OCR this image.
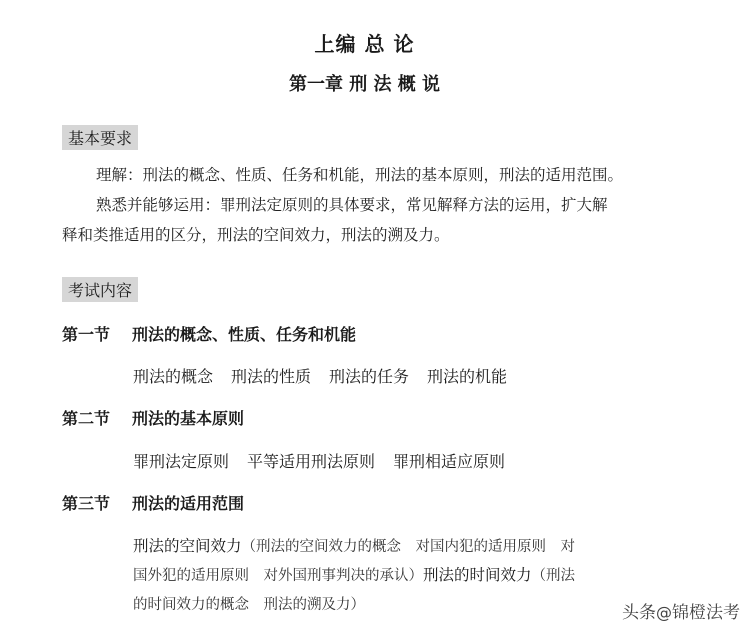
上编 总 论
第一章 刑 法 概 说
基本要求
理解：刑法的概念、性质、任务和机能，刑法的基本原则，刑法的适用范围。
熟悉并能够运用：罪刑法定原则的具体要求，常见解释方法的运用，扩大解
释和类推适用的区分，刑法的空间效力，刑法的溯及力。
考试内容
第一节 刑法的概念、性质、任务和机能
刑法的概念 刑法的性质 刑法的任务 刑法的机能
第二节 刑法的基本原则
罪刑法定原则 平等适用刑法原则 罪刑相适应原则
第三节 刑法的适用范围
刑法的空间效力（刑法的空间效力的概念　对国内犯的适用原则　对
国外犯的适用原则　对外国刑事判决的承认）刑法的时间效力（刑法
的时间效力的概念　刑法的溯及力）	头条@锦橙法考
